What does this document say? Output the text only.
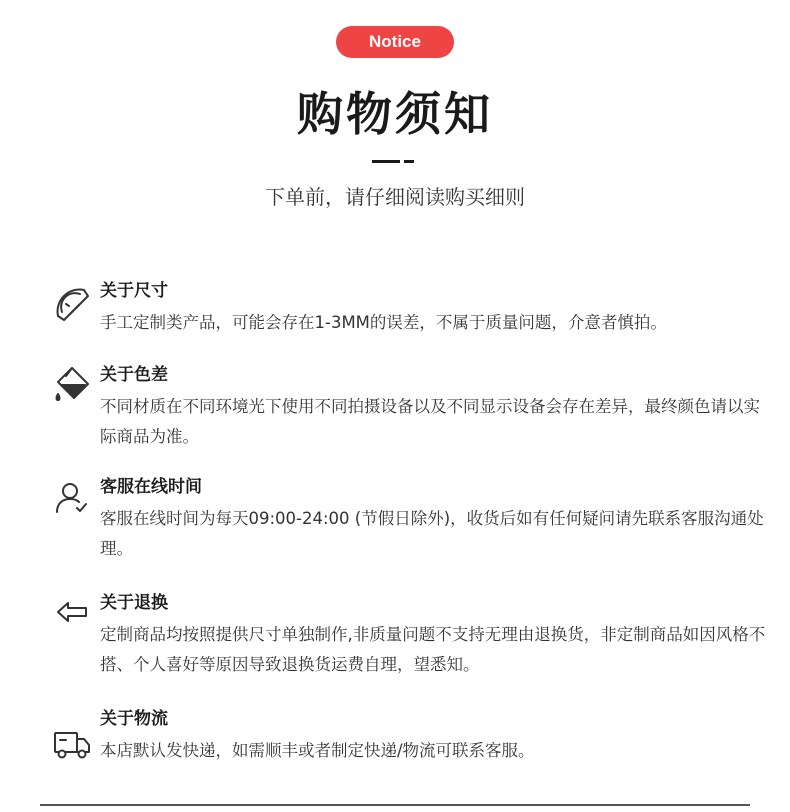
Notice
购物须知
下单前，请仔细阅读购买细则
关于尺寸
手工定制类产品，可能会存在1-3MM的误差，不属于质量问题，介意者慎拍。
关于色差
不同材质在不同环境光下使用不同拍摄设备以及不同显示设备会存在差异，最终颜色请以实际商品为准。
客服在线时间
客服在线时间为每天09:00-24:00 (节假日除外)，收货后如有任何疑问请先联系客服沟通处理。
关于退换
定制商品均按照提供尺寸单独制作,非质量问题不支持无理由退换货，非定制商品如因风格不搭、个人喜好等原因导致退换货运费自理，望悉知。
关于物流
本店默认发快递，如需顺丰或者制定快递/物流可联系客服。
